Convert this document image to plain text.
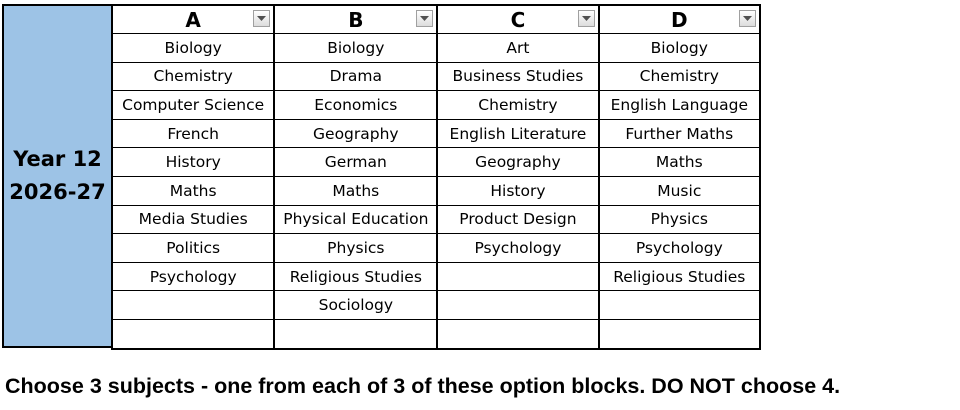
Year 12
2026-27
A	B	C	D

Biology	Biology	Art	Biology
Chemistry	Drama	Business Studies	Chemistry
Computer Science	Economics	Chemistry	English Language
French	Geography	English Literature	Further Maths
History	German	Geography	Maths
Maths	Maths	History	Music
Media Studies	Physical Education	Product Design	Physics
Politics	Physics	Psychology	Psychology
Psychology	Religious Studies		Religious Studies
	Sociology		

Choose 3 subjects - one from each of 3 of these option blocks. DO NOT choose 4.
